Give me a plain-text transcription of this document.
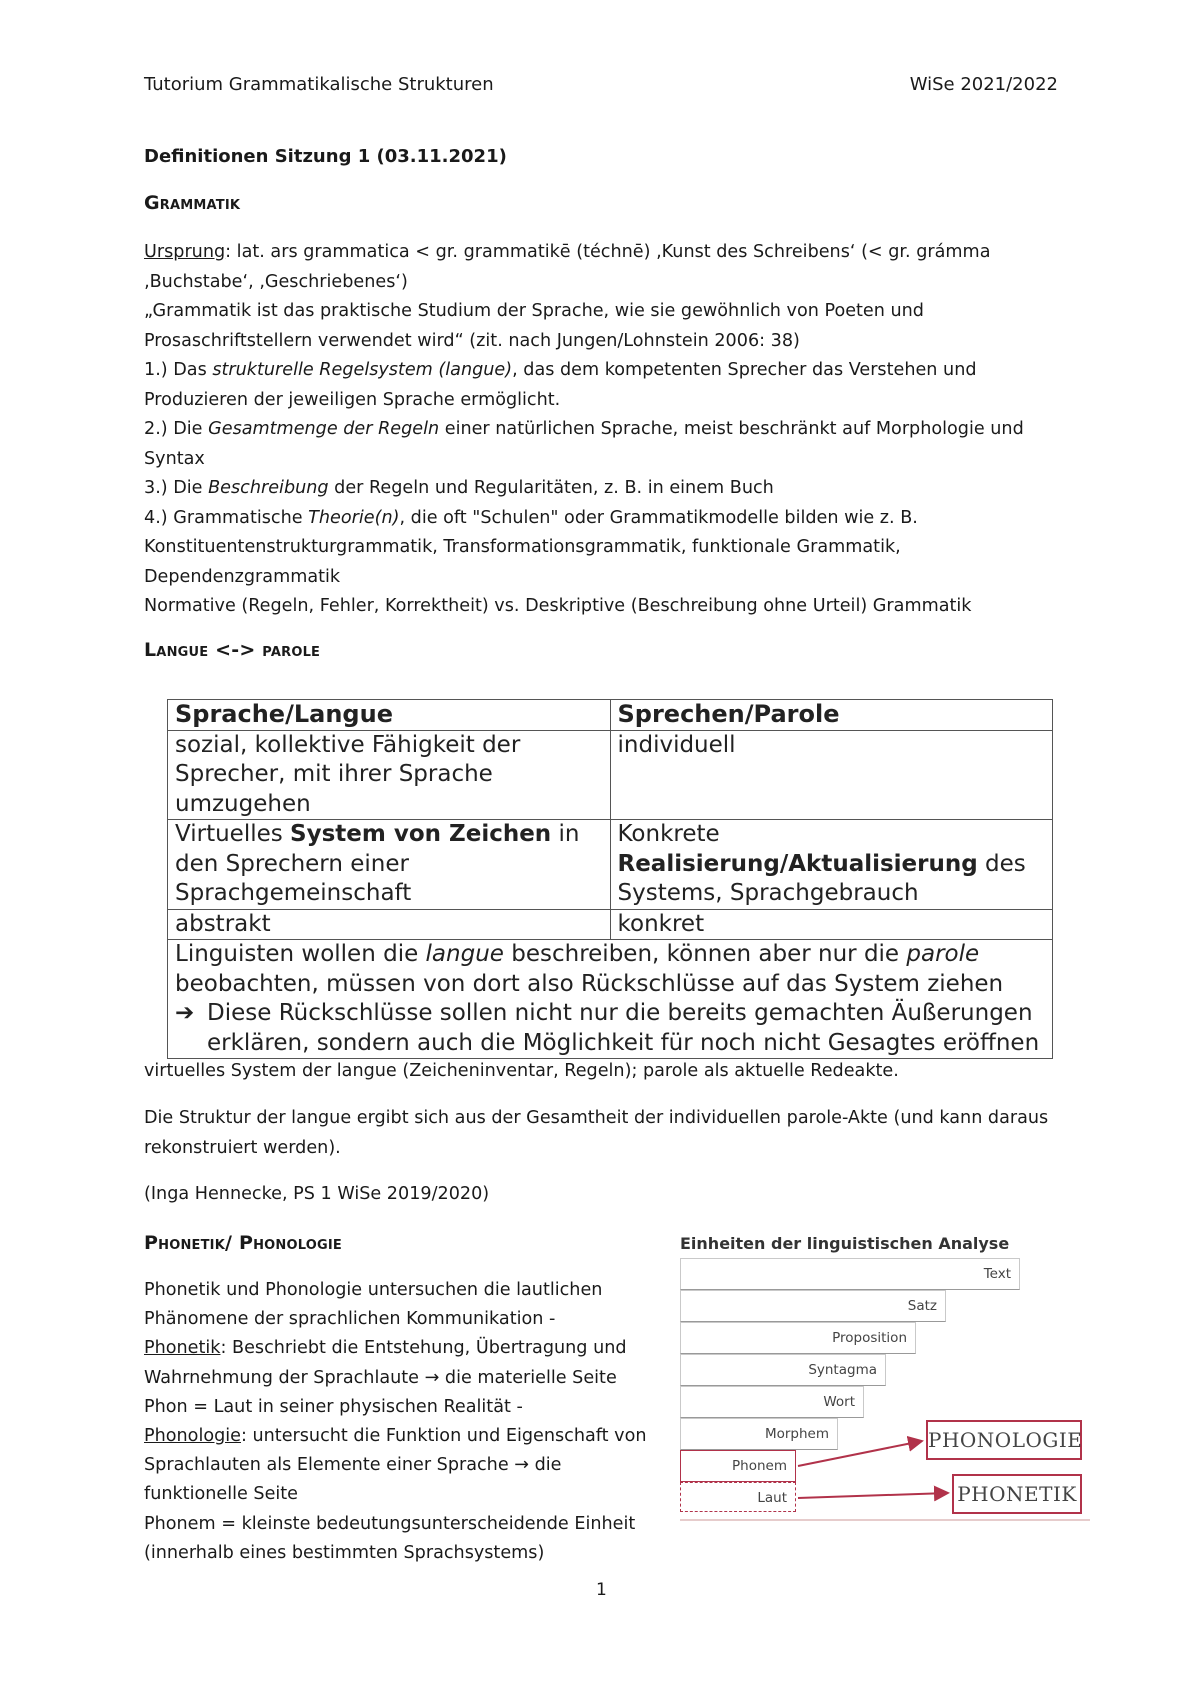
Tutorium Grammatikalische Strukturen	WiSe 2021/2022
Definitionen Sitzung 1 (03.11.2021)
Grammatik
Ursprung: lat. ars grammatica < gr. grammatikē (téchnē) ‚Kunst des Schreibens‘ (< gr. grámma ‚Buchstabe‘, ‚Geschriebenes‘)
„Grammatik ist das praktische Studium der Sprache, wie sie gewöhnlich von Poeten und Prosaschriftstellern verwendet wird“ (zit. nach Jungen/Lohnstein 2006: 38)
1.) Das strukturelle Regelsystem (langue), das dem kompetenten Sprecher das Verstehen und Produzieren der jeweiligen Sprache ermöglicht.
2.) Die Gesamtmenge der Regeln einer natürlichen Sprache, meist beschränkt auf Morphologie und Syntax
3.) Die Beschreibung der Regeln und Regularitäten, z. B. in einem Buch
4.) Grammatische Theorie(n), die oft "Schulen" oder Grammatikmodelle bilden wie z. B. Konstituentenstrukturgrammatik, Transformationsgrammatik, funktionale Grammatik, Dependenzgrammatik
Normative (Regeln, Fehler, Korrektheit) vs. Deskriptive (Beschreibung ohne Urteil) Grammatik
Langue <-> parole
Sprache/Langue	Sprechen/Parole
sozial, kollektive Fähigkeit der Sprecher, mit ihrer Sprache umzugehen	individuell
Virtuelles System von Zeichen in den Sprechern einer Sprachgemeinschaft	Konkrete Realisierung/Aktualisierung des Systems, Sprachgebrauch
abstrakt	konkret

Linguisten wollen die langue beschreiben, können aber nur die parole beobachten, müssen von dort also Rückschlüsse auf das System ziehen
➔ Diese Rückschlüsse sollen nicht nur die bereits gemachten Äußerungen erklären, sondern auch die Möglichkeit für noch nicht Gesagtes eröffnen	
virtuelles System der langue (Zeicheninventar, Regeln); parole als aktuelle Redeakte.
Die Struktur der langue ergibt sich aus der Gesamtheit der individuellen parole-Akte (und kann daraus rekonstruiert werden).
(Inga Hennecke, PS 1 WiSe 2019/2020)
Phonetik/ Phonologie
Phonetik und Phonologie untersuchen die lautlichen Phänomene der sprachlichen Kommunikation -
Phonetik: Beschriebt die Entstehung, Übertragung und Wahrnehmung der Sprachlaute → die materielle Seite
Phon = Laut in seiner physischen Realität -
Phonologie: untersucht die Funktion und Eigenschaft von Sprachlauten als Elemente einer Sprache → die funktionelle Seite
Phonem = kleinste bedeutungsunterscheidende Einheit (innerhalb eines bestimmten Sprachsystems)
Einheiten der linguistischen Analyse
Text
Satz
Proposition
Syntagma
Wort
Morphem
Phonem
Laut
PHONOLOGIE
PHONETIK
1
